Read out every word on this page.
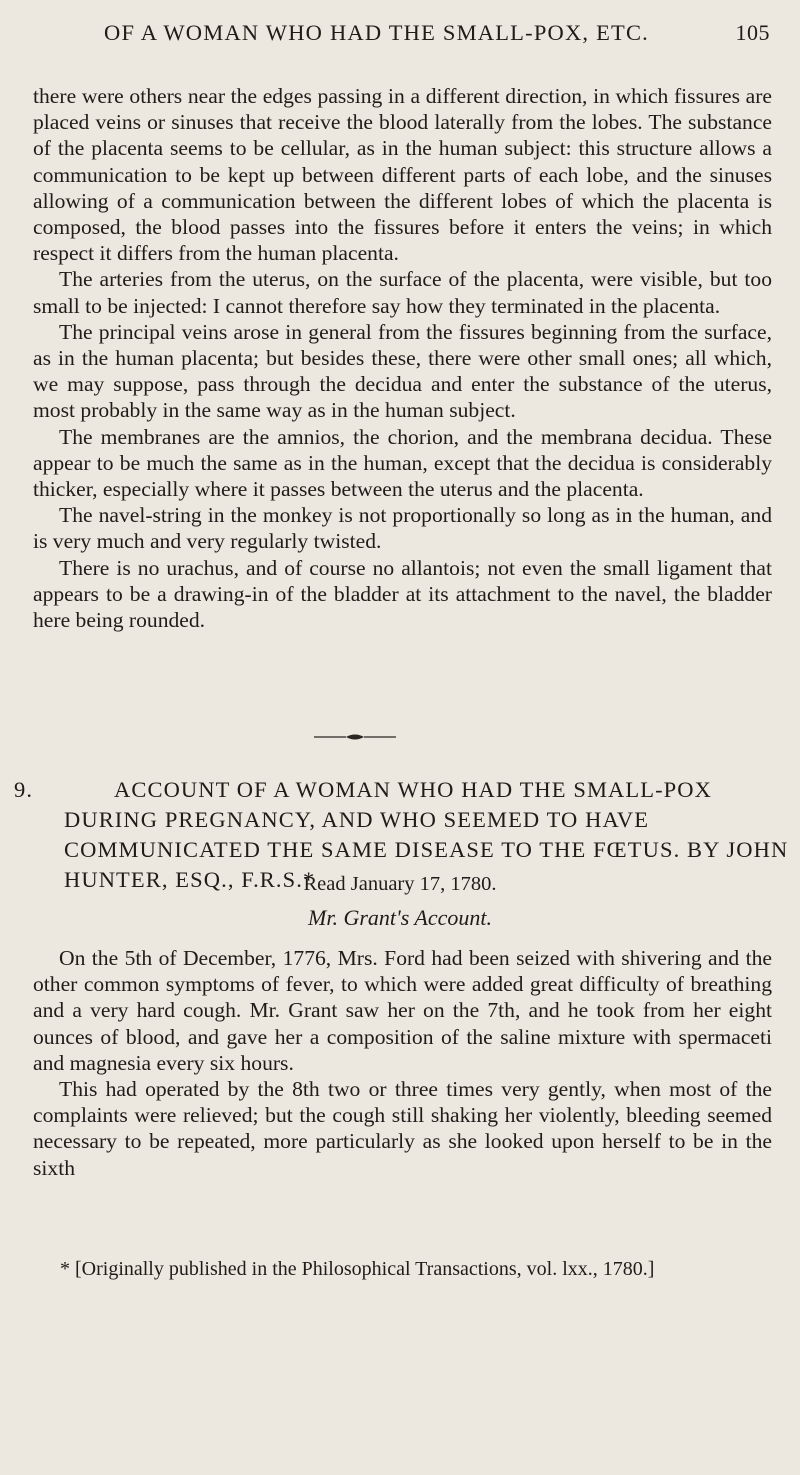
OF A WOMAN WHO HAD THE SMALL-POX, ETC.	105

there were others near the edges passing in a different direction, in which fissures are placed veins or sinuses that receive the blood laterally from the lobes. The substance of the placenta seems to be cellular, as in the human subject: this structure allows a communication to be kept up between different parts of each lobe, and the sinuses allowing of a communication between the different lobes of which the placenta is composed, the blood passes into the fissures before it enters the veins; in which respect it differs from the human placenta.

The arteries from the uterus, on the surface of the placenta, were visible, but too small to be injected: I cannot therefore say how they terminated in the placenta.

The principal veins arose in general from the fissures beginning from the surface, as in the human placenta; but besides these, there were other small ones; all which, we may suppose, pass through the decidua and enter the substance of the uterus, most probably in the same way as in the human subject.

The membranes are the amnios, the chorion, and the membrana decidua. These appear to be much the same as in the human, except that the decidua is considerably thicker, especially where it passes between the uterus and the placenta.

The navel-string in the monkey is not proportionally so long as in the human, and is very much and very regularly twisted.

There is no urachus, and of course no allantois; not even the small ligament that appears to be a drawing-in of the bladder at its attachment to the navel, the bladder here being rounded.

9.	ACCOUNT OF A WOMAN WHO HAD THE SMALL-POX DURING PREGNANCY, AND WHO SEEMED TO HAVE COMMUNICATED THE SAME DISEASE TO THE FŒTUS. BY JOHN HUNTER, ESQ., F.R.S.*
Read January 17, 1780.
Mr. Grant's Account.

On the 5th of December, 1776, Mrs. Ford had been seized with shivering and the other common symptoms of fever, to which were added great difficulty of breathing and a very hard cough. Mr. Grant saw her on the 7th, and he took from her eight ounces of blood, and gave her a composition of the saline mixture with spermaceti and magnesia every six hours.

This had operated by the 8th two or three times very gently, when most of the complaints were relieved; but the cough still shaking her violently, bleeding seemed necessary to be repeated, more particularly as she looked upon herself to be in the sixth

* [Originally published in the Philosophical Transactions, vol. lxx., 1780.]
